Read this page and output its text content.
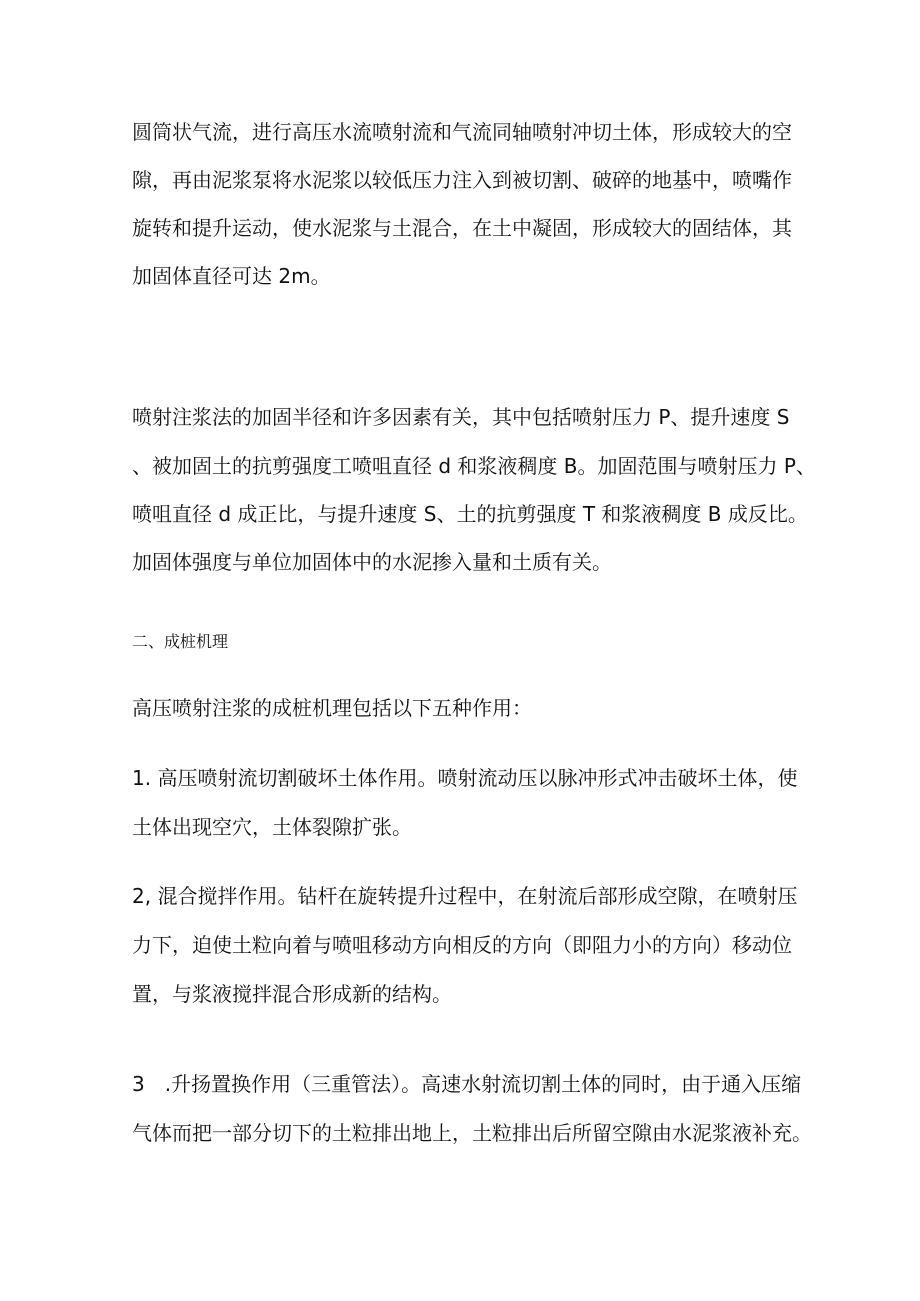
圆筒状气流，进行高压水流喷射流和气流同轴喷射冲切土体，形成较大的空

隙，再由泥浆泵将水泥浆以较低压力注入到被切割、破碎的地基中，喷嘴作

旋转和提升运动，使水泥浆与土混合，在土中凝固，形成较大的固结体，其

加固体直径可达 2m。

喷射注浆法的加固半径和许多因素有关，其中包括喷射压力 P、提升速度 S

、被加固土的抗剪强度工喷咀直径 d 和浆液稠度 B。加固范围与喷射压力 P、

喷咀直径 d 成正比，与提升速度 S、土的抗剪强度 T 和浆液稠度 B 成反比。

加固体强度与单位加固体中的水泥掺入量和土质有关。

二、成桩机理

高压喷射注浆的成桩机理包括以下五种作用：

1. 高压喷射流切割破坏土体作用。喷射流动压以脉冲形式冲击破坏土体，使

土体出现空穴，土体裂隙扩张。

2, 混合搅拌作用。钻杆在旋转提升过程中，在射流后部形成空隙，在喷射压

力下，迫使土粒向着与喷咀移动方向相反的方向（即阻力小的方向）移动位

置，与浆液搅拌混合形成新的结构。

3　.升扬置换作用（三重管法）。高速水射流切割土体的同时，由于通入压缩

气体而把一部分切下的土粒排出地上，土粒排出后所留空隙由水泥浆液补充。
